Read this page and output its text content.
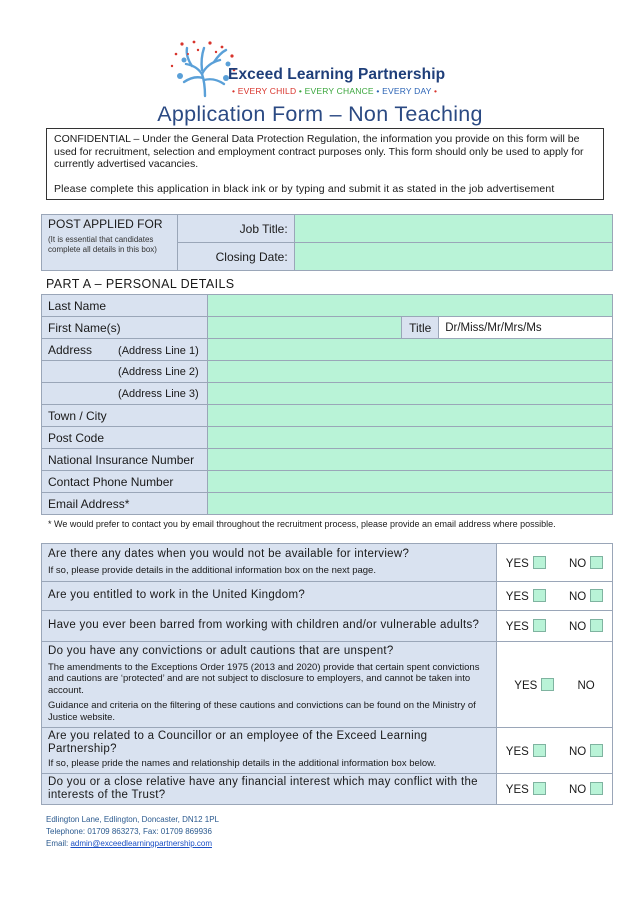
Exceed Learning Partnership
• EVERY CHILD • EVERY CHANCE • EVERY DAY •
Application Form – Non Teaching

CONFIDENTIAL – Under the General Data Protection Regulation, the information you provide on this form will be used for recruitment, selection and employment contract purposes only. This form should only be used to apply for currently advertised vacancies.

Please complete this application in black ink or by typing and submit it as stated in the job advertisement

POST APPLIED FOR
(It is essential that candidates complete all details in this box)	Job Title:	
	Closing Date:	
PART A – PERSONAL DETAILS
Last Name			
First Name(s)		Title	Dr/Miss/Mr/Mrs/Ms
Address (Address Line 1)			
(Address Line 2)			
(Address Line 3)			
Town / City			
Post Code			
National Insurance Number			
Contact Phone Number			
Email Address*			
* We would prefer to contact you by email throughout the recruitment process, please provide an email address where possible.
Are there any dates when you would not be available for interview?
If so, please provide details in the additional information box on the next page.	YES NO
Are you entitled to work in the United Kingdom?	YES NO
Have you ever been barred from working with children and/or vulnerable adults?	YES NO

Do you have any convictions or adult cautions that are unspent?
The amendments to the Exceptions Order 1975 (2013 and 2020) provide that certain spent convictions and cautions are ‘protected’ and are not subject to disclosure to employers, and cannot be taken into account.
Guidance and criteria on the filtering of these cautions and convictions can be found on the Ministry of Justice website.	YES NO

Are you related to a Councillor or an employee of the Exceed Learning Partnership?
If so, please pride the names and relationship details in the additional information box below.	YES NO
Do you or a close relative have any financial interest which may conflict with the interests of the Trust?	YES NO
Edlington Lane, Edlington, Doncaster, DN12 1PL
Telephone: 01709 863273, Fax: 01709 869936
Email: admin@exceedlearningpartnership.com
